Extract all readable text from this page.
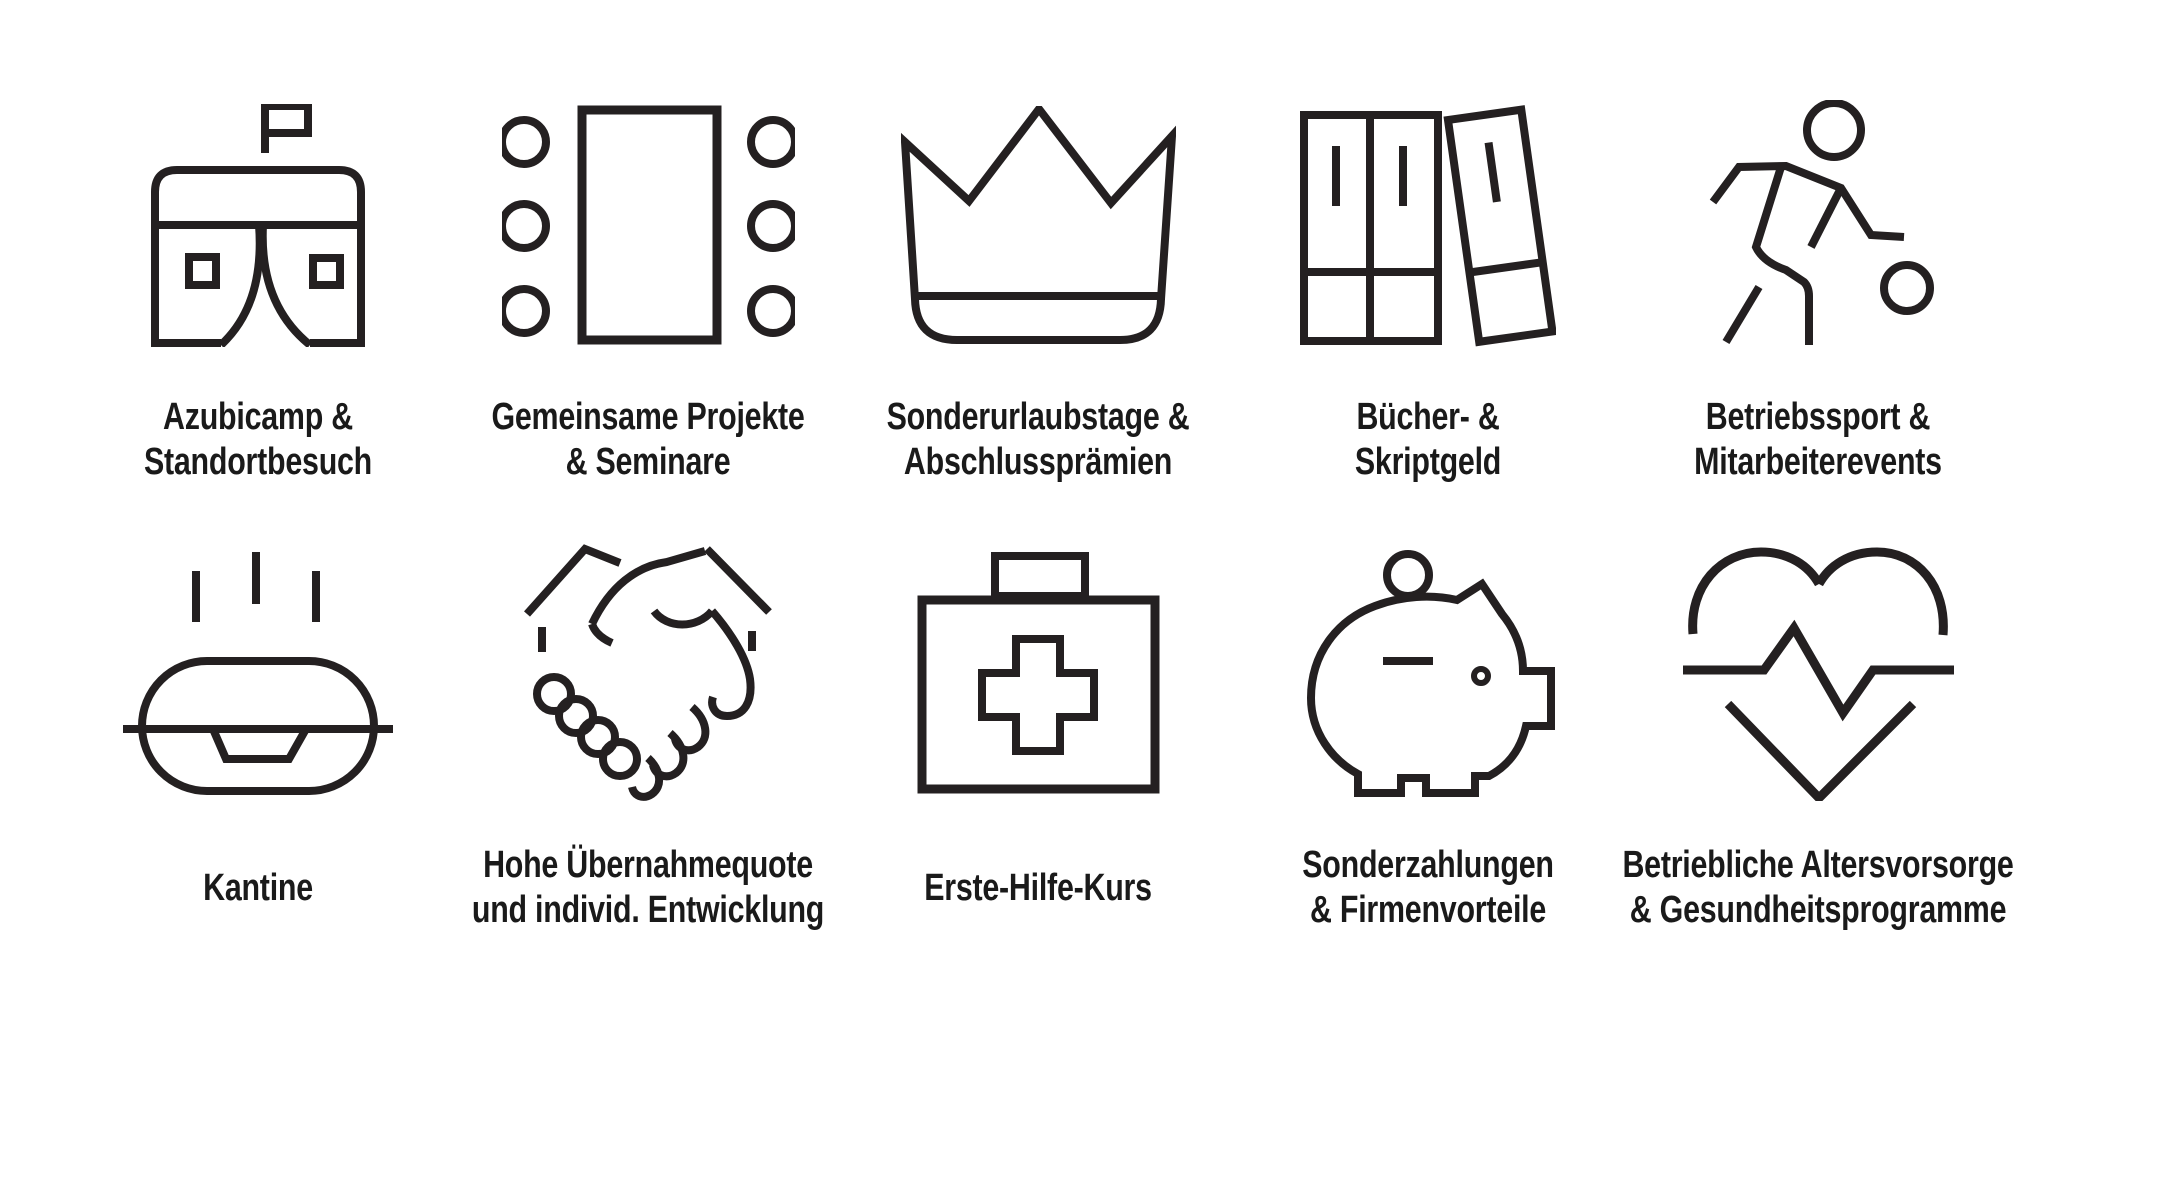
Azubicamp &
Standortbesuch
Gemeinsame Projekte
& Seminare
Sonderurlaubstage &
Abschlussprämien
Bücher- &
Skriptgeld
Betriebssport &
Mitarbeiterevents
Kantine
Hohe Übernahmequote
und individ. Entwicklung
Erste-Hilfe-Kurs
Sonderzahlungen
& Firmenvorteile
Betriebliche Altersvorsorge
& Gesundheitsprogramme
